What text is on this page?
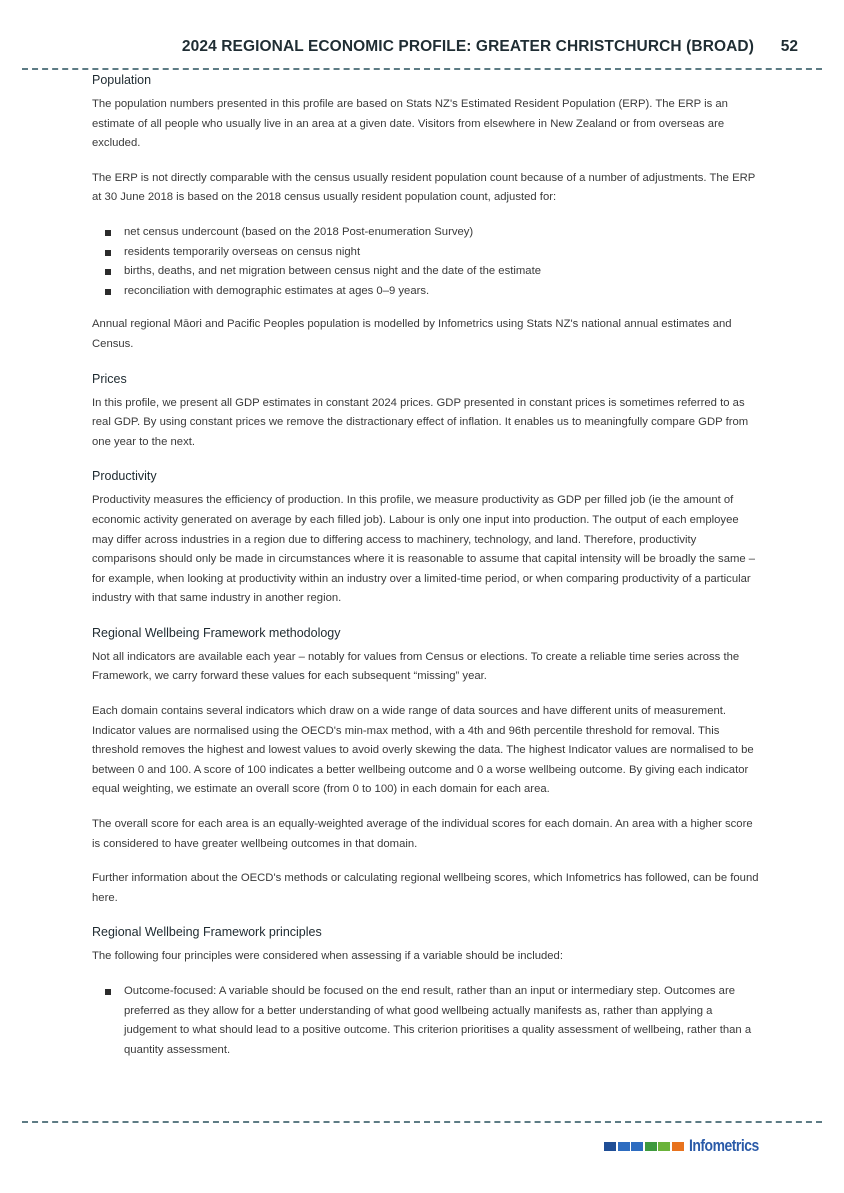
2024 REGIONAL ECONOMIC PROFILE: GREATER CHRISTCHURCH (BROAD) 52
Population

The population numbers presented in this profile are based on Stats NZ's Estimated Resident Population (ERP). The ERP is an estimate of all people who usually live in an area at a given date. Visitors from elsewhere in New Zealand or from overseas are excluded.

The ERP is not directly comparable with the census usually resident population count because of a number of adjustments. The ERP at 30 June 2018 is based on the 2018 census usually resident population count, adjusted for:

net census undercount (based on the 2018 Post-enumeration Survey)
residents temporarily overseas on census night
births, deaths, and net migration between census night and the date of the estimate
reconciliation with demographic estimates at ages 0–9 years.

Annual regional Māori and Pacific Peoples population is modelled by Infometrics using Stats NZ's national annual estimates and Census.

Prices

In this profile, we present all GDP estimates in constant 2024 prices. GDP presented in constant prices is sometimes referred to as real GDP. By using constant prices we remove the distractionary effect of inflation. It enables us to meaningfully compare GDP from one year to the next.

Productivity

Productivity measures the efficiency of production. In this profile, we measure productivity as GDP per filled job (ie the amount of economic activity generated on average by each filled job). Labour is only one input into production. The output of each employee may differ across industries in a region due to differing access to machinery, technology, and land. Therefore, productivity comparisons should only be made in circumstances where it is reasonable to assume that capital intensity will be broadly the same – for example, when looking at productivity within an industry over a limited-time period, or when comparing productivity of a particular industry with that same industry in another region.

Regional Wellbeing Framework methodology

Not all indicators are available each year – notably for values from Census or elections. To create a reliable time series across the Framework, we carry forward these values for each subsequent “missing” year.

Each domain contains several indicators which draw on a wide range of data sources and have different units of measurement. Indicator values are normalised using the OECD's min-max method, with a 4th and 96th percentile threshold for removal. This threshold removes the highest and lowest values to avoid overly skewing the data. The highest Indicator values are normalised to be between 0 and 100. A score of 100 indicates a better wellbeing outcome and 0 a worse wellbeing outcome. By giving each indicator equal weighting, we estimate an overall score (from 0 to 100) in each domain for each area.

The overall score for each area is an equally-weighted average of the individual scores for each domain. An area with a higher score is considered to have greater wellbeing outcomes in that domain.

Further information about the OECD's methods or calculating regional wellbeing scores, which Infometrics has followed, can be found here.

Regional Wellbeing Framework principles

The following four principles were considered when assessing if a variable should be included:

Outcome-focused: A variable should be focused on the end result, rather than an input or intermediary step. Outcomes are preferred as they allow for a better understanding of what good wellbeing actually manifests as, rather than applying a judgement to what should lead to a positive outcome. This criterion prioritises a quality assessment of wellbeing, rather than a quantity assessment.
Infometrics
